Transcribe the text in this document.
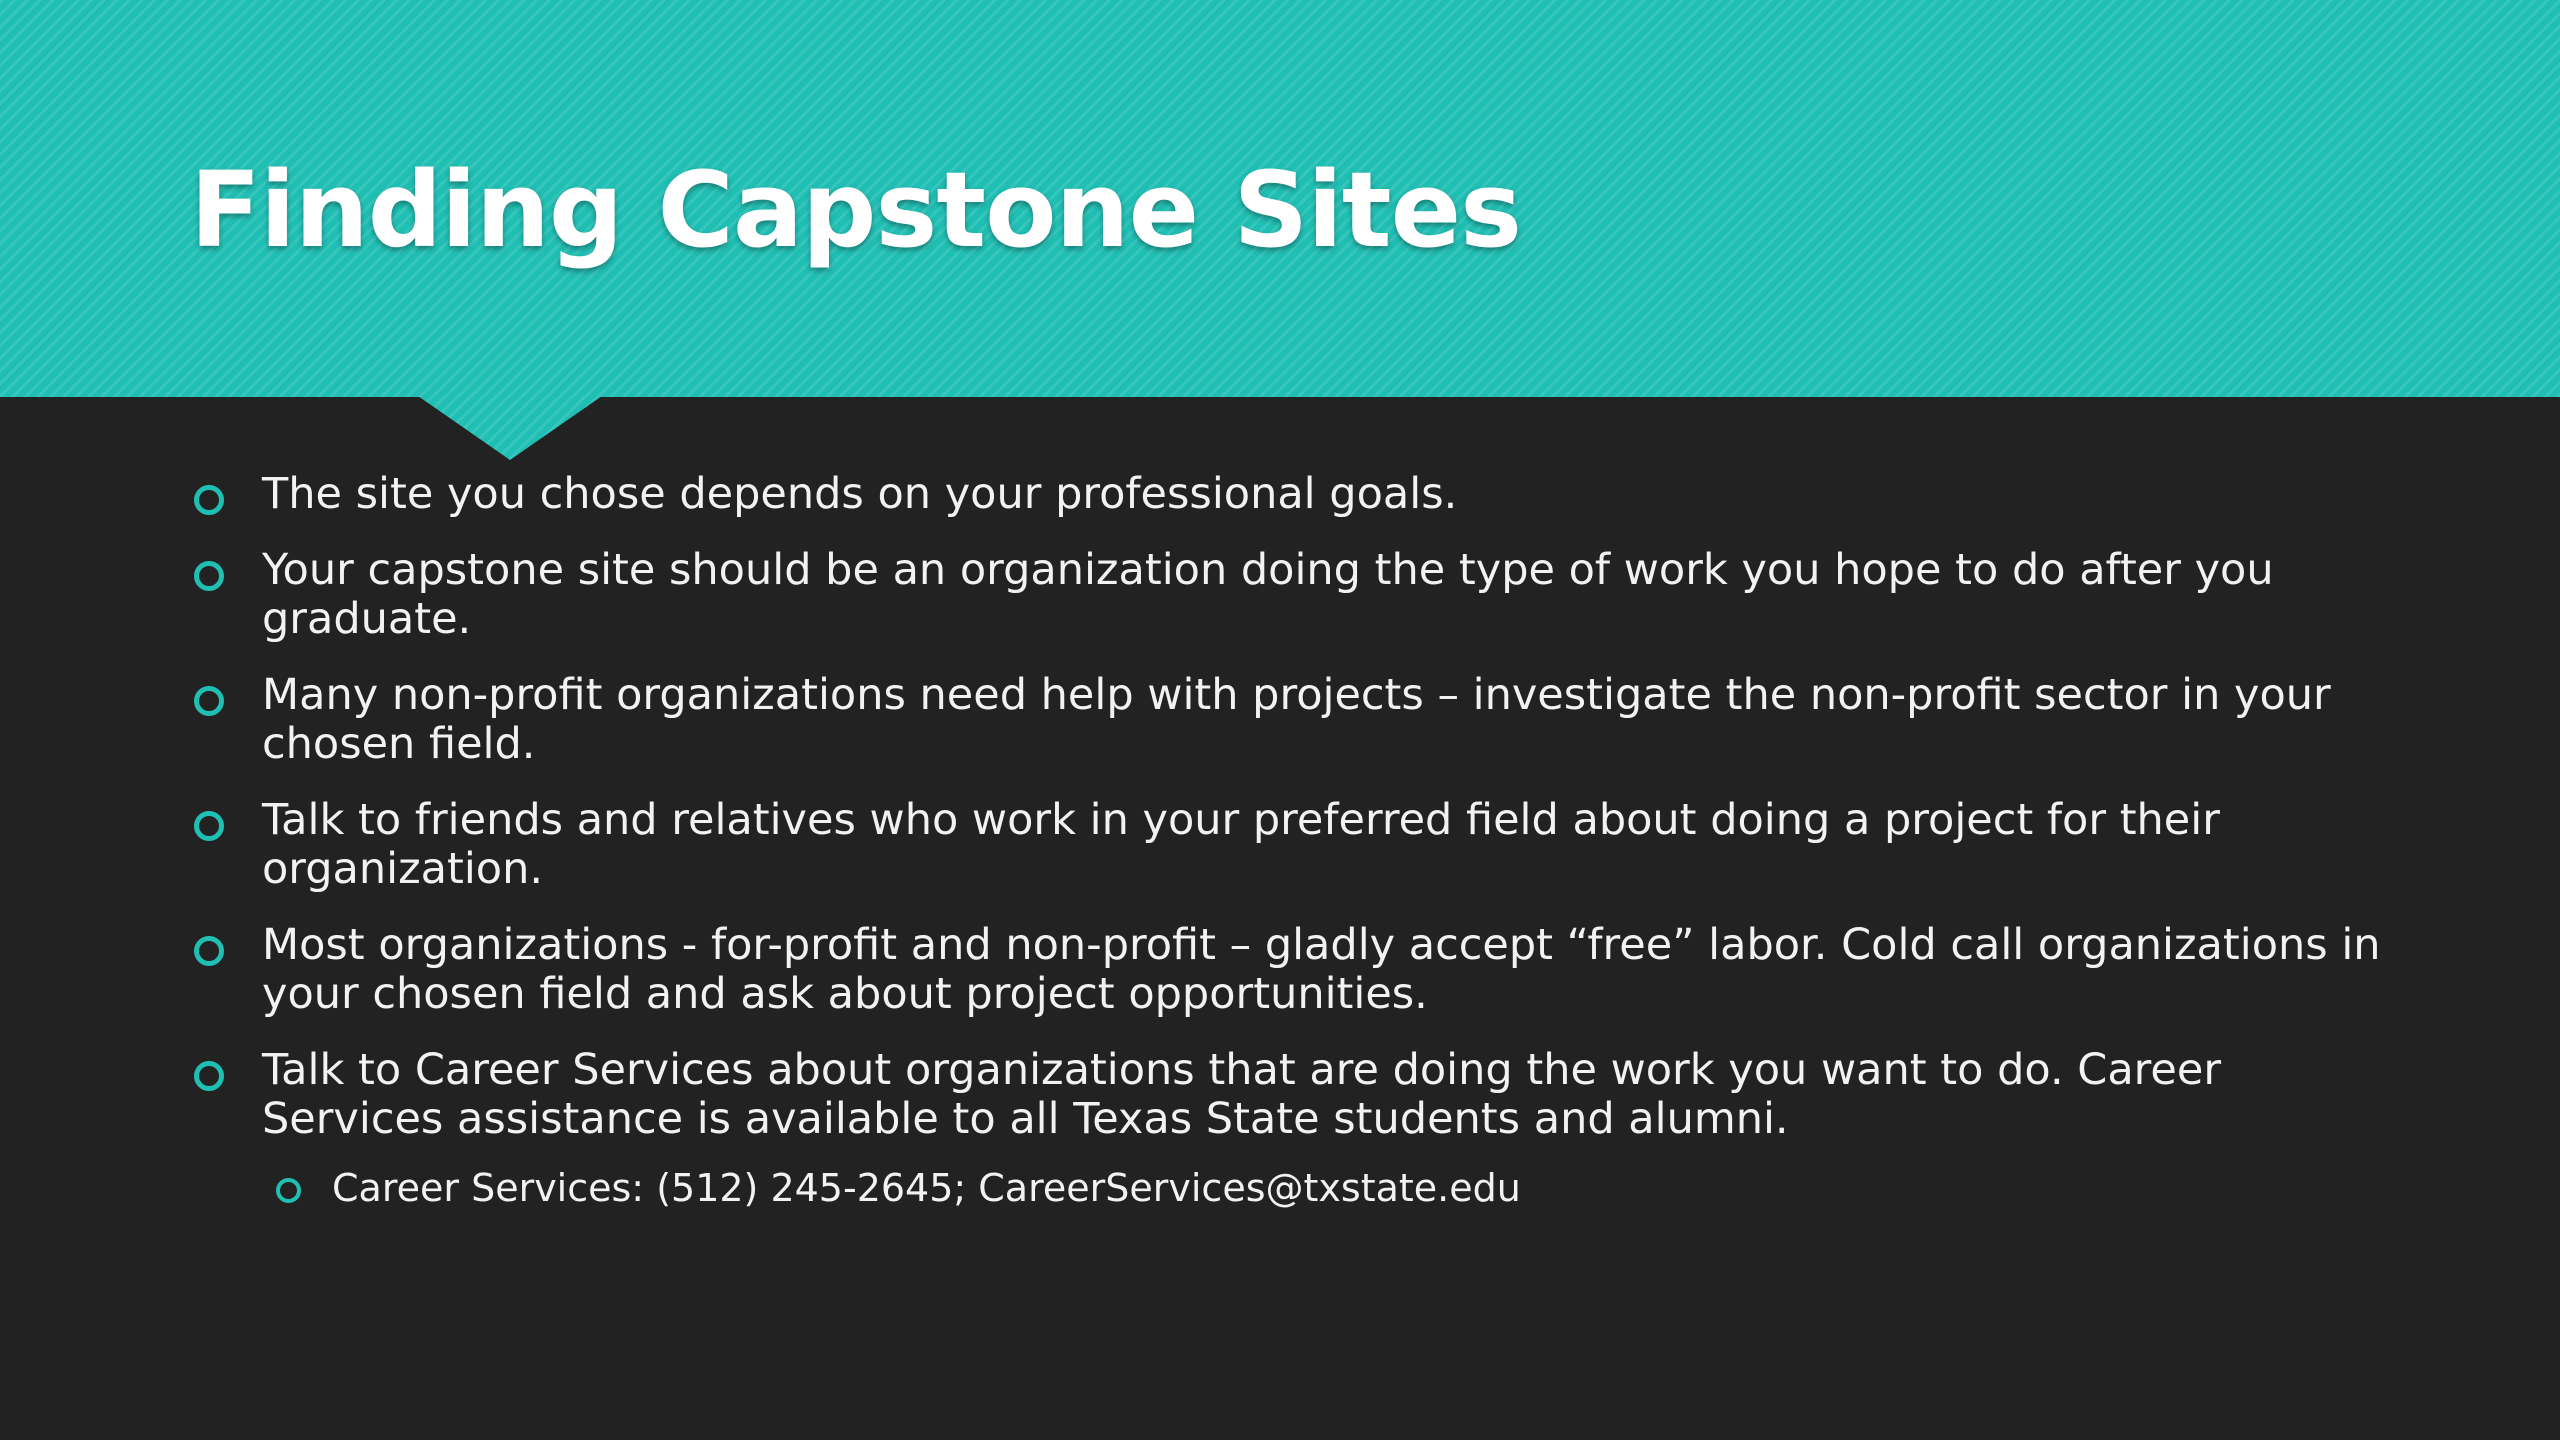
Finding Capstone Sites
The site you chose depends on your professional goals.
Your capstone site should be an organization doing the type of work you hope to do after you graduate.
Many non-profit organizations need help with projects – investigate the non-profit sector in your chosen field.
Talk to friends and relatives who work in your preferred field about doing a project for their organization.
Most organizations - for-profit and non-profit – gladly accept “free” labor. Cold call organizations in your chosen field and ask about project opportunities.
Talk to Career Services about organizations that are doing the work you want to do. Career Services assistance is available to all Texas State students and alumni.
Career Services: (512) 245-2645; CareerServices@txstate.edu
